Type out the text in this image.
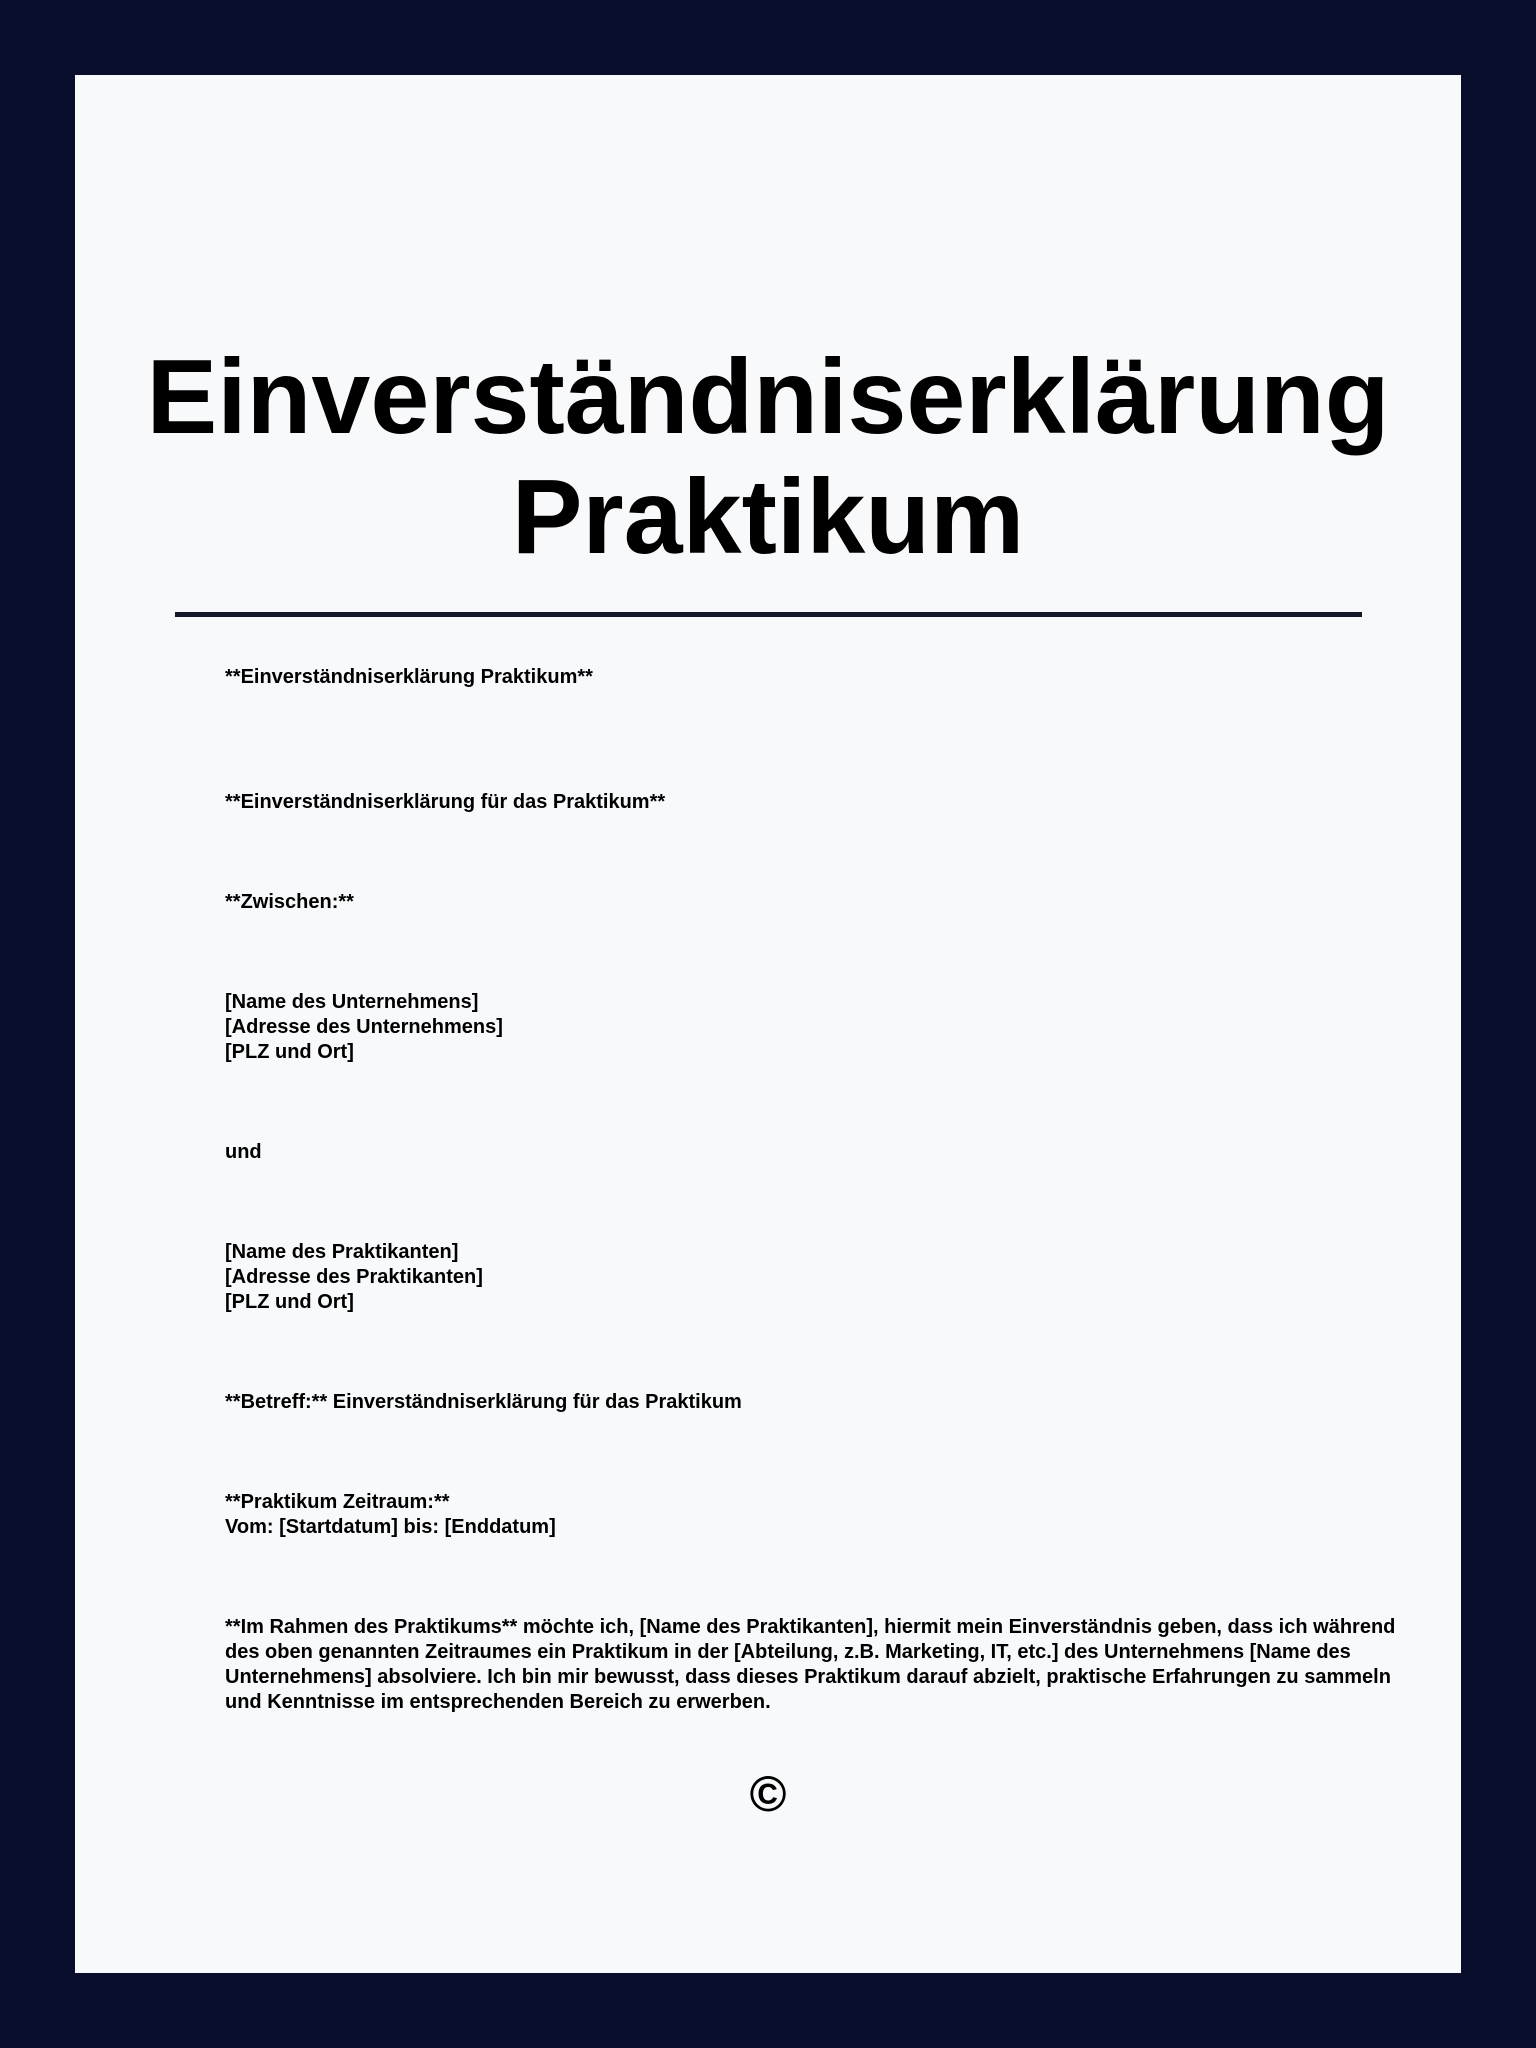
Einverständniserklärung
Praktikum

**Einverständniserklärung Praktikum**

**Einverständniserklärung für das Praktikum**

**Zwischen:**

[Name des Unternehmens]
[Adresse des Unternehmens]
[PLZ und Ort]

und

[Name des Praktikanten]
[Adresse des Praktikanten]
[PLZ und Ort]

**Betreff:** Einverständniserklärung für das Praktikum

**Praktikum Zeitraum:**
Vom: [Startdatum] bis: [Enddatum]

**Im Rahmen des Praktikums** möchte ich, [Name des Praktikanten], hiermit mein Einverständnis geben, dass ich während des oben genannten Zeitraumes ein Praktikum in der [Abteilung, z.B. Marketing, IT, etc.] des Unternehmens [Name des Unternehmens] absolviere. Ich bin mir bewusst, dass dieses Praktikum darauf abzielt, praktische Erfahrungen zu sammeln und Kenntnisse im entsprechenden Bereich zu erwerben.

©
